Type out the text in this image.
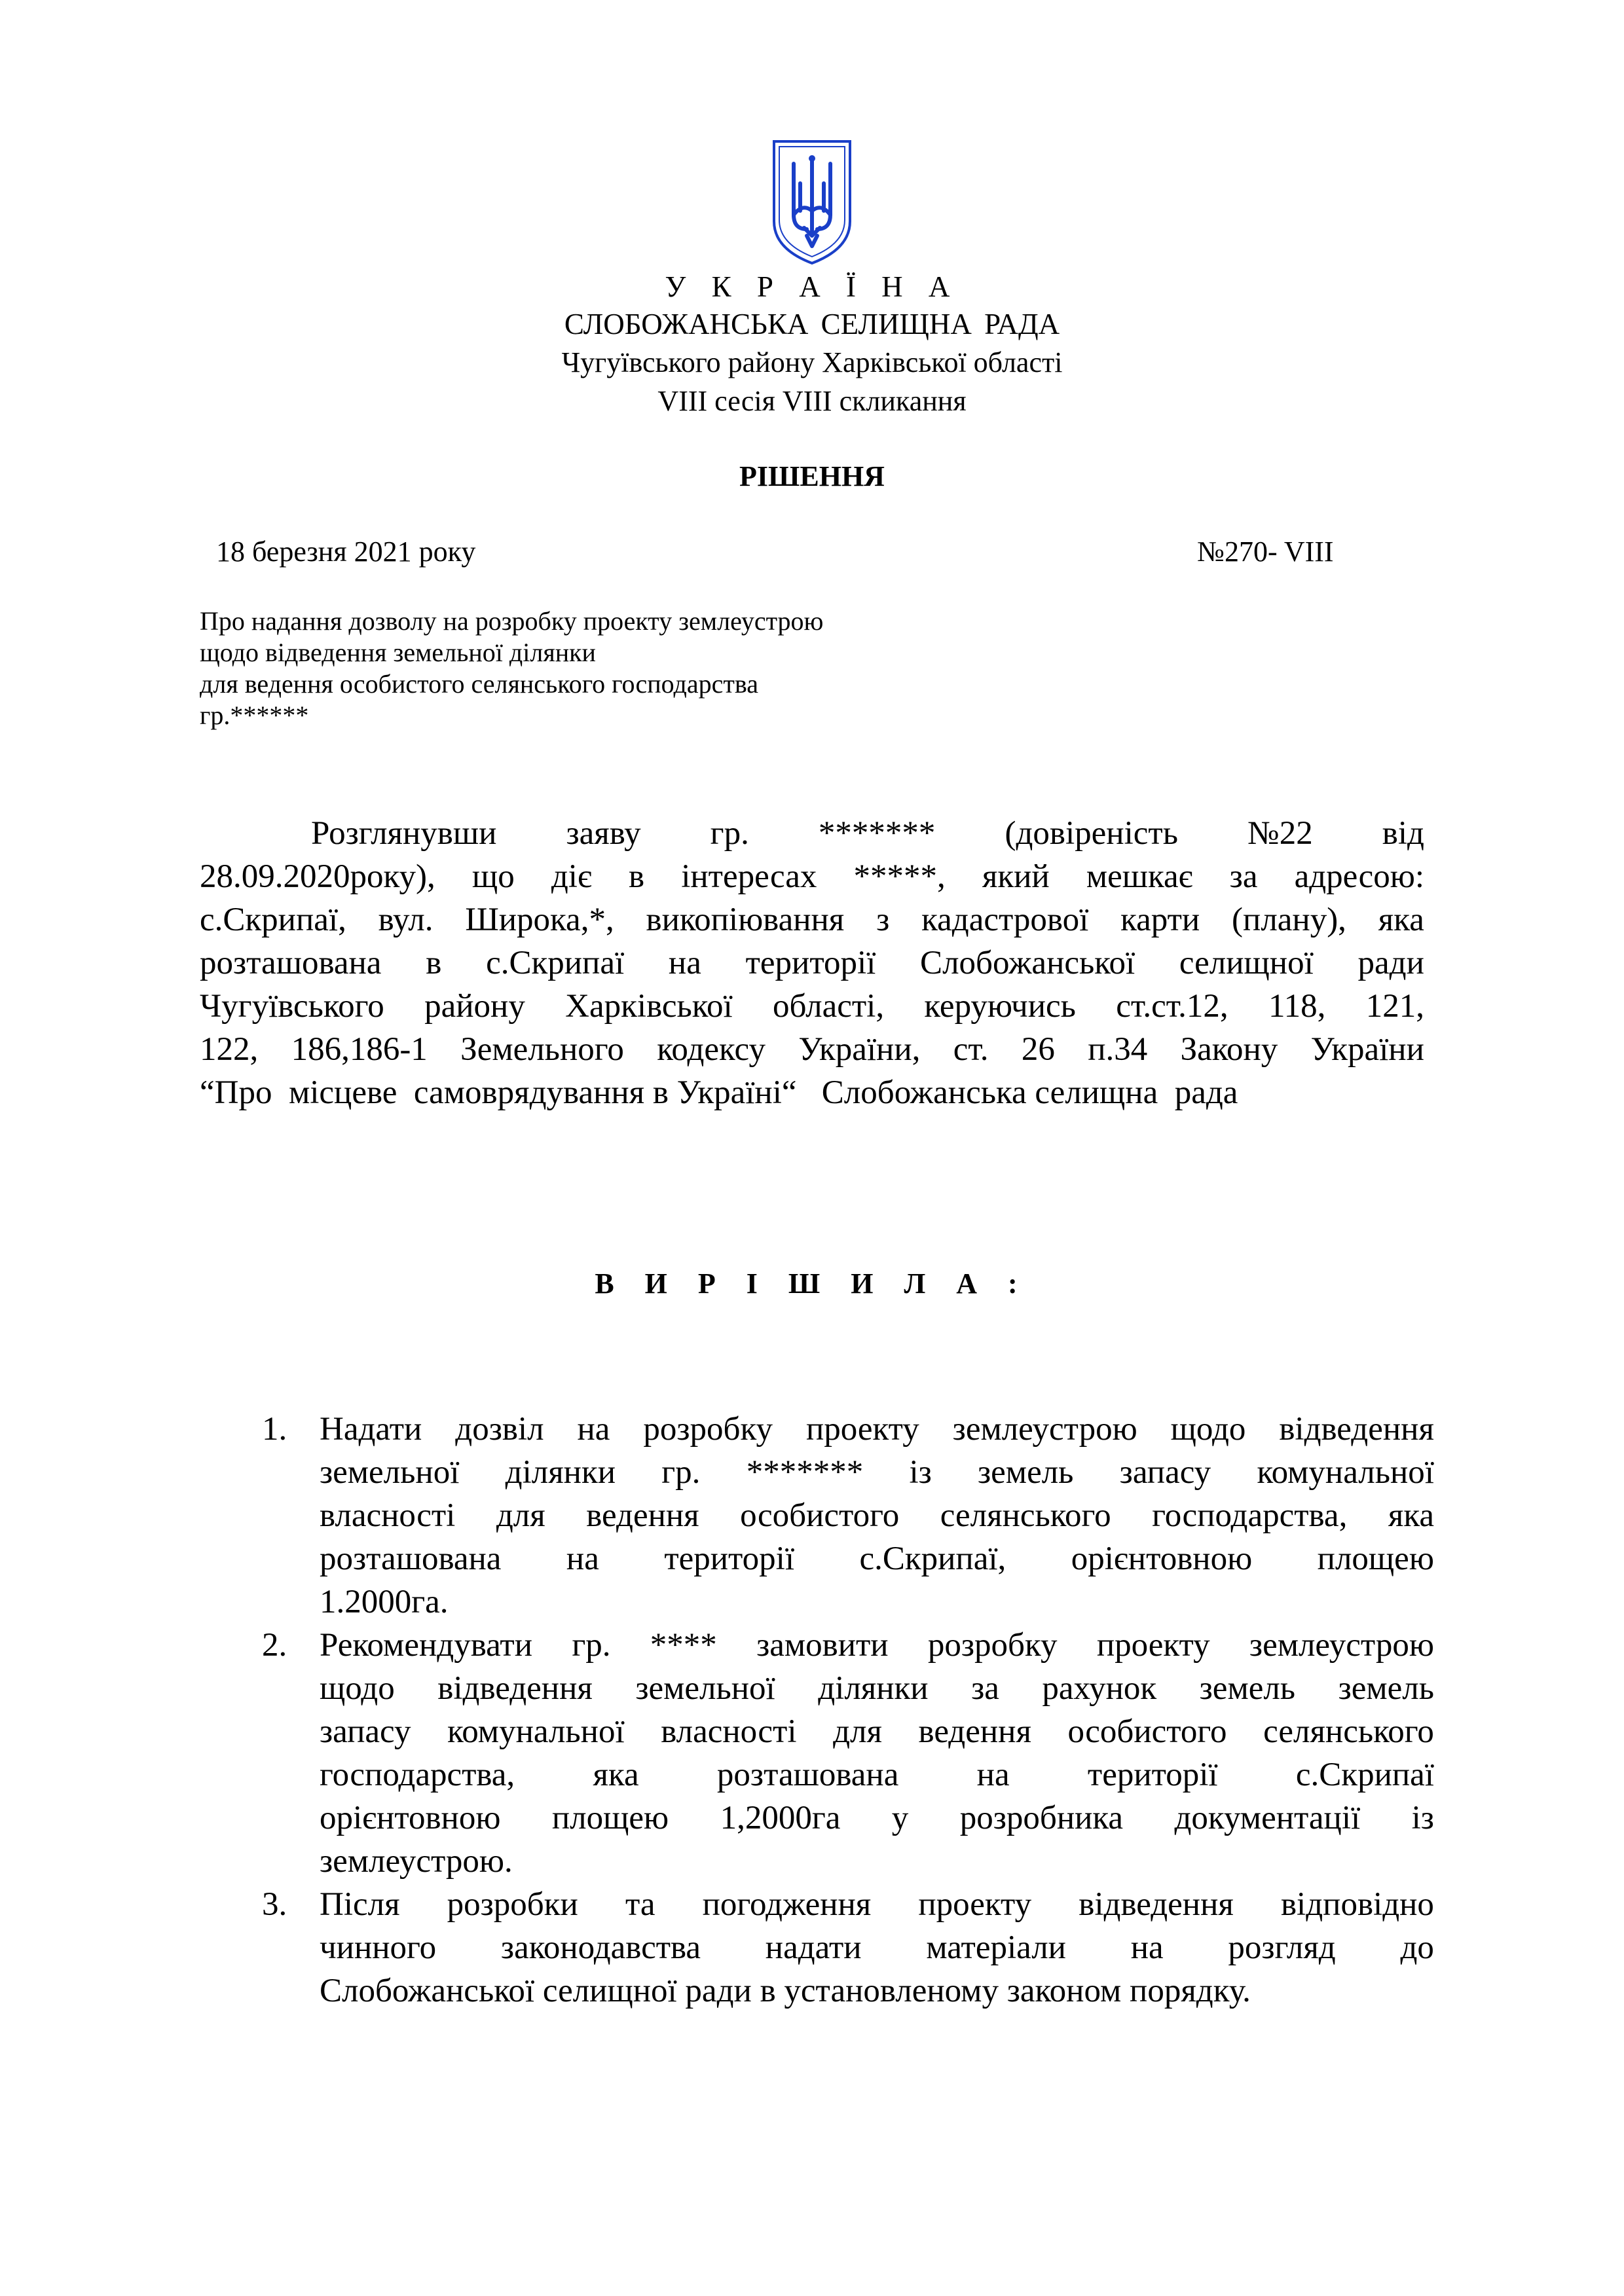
У К Р А Ї Н А
СЛОБОЖАНСЬКА СЕЛИЩНА РАДА
Чугуївського району Харківської області
VIII сесія VIII скликання
РІШЕННЯ
18 березня 2021 року	№270- VIII
Про надання дозволу на розробку проекту землеустрою
щодо відведення земельної ділянки
для ведення особистого селянського господарства
гр.******
Розглянувши заяву гр. ******* (довіреність №22 від
28.09.2020року), що діє в інтересах *****, який мешкає за адресою:
с.Скрипаї, вул. Широка,*, викопіювання з кадастрової карти (плану), яка
розташована в с.Скрипаї на території Слобожанської селищної ради
Чугуївського району Харківської області, керуючись ст.ст.12, 118, 121,
122, 186,186-1 Земельного кодексу України, ст. 26 п.34 Закону України
“Про  місцеве  самоврядування в Україні“   Слобожанська селищна  рада
В И Р І Ш И Л А :
1. Надати дозвіл на розробку проекту землеустрою щодо відведення
земельної ділянки гр. ******* із земель запасу комунальної
власності для ведення особистого селянського господарства, яка
розташована на території с.Скрипаї, орієнтовною площею
1.2000га.
2. Рекомендувати гр. **** замовити розробку проекту землеустрою
щодо відведення земельної ділянки за рахунок земель земель
запасу комунальної власності для ведення особистого селянського
господарства, яка розташована на території с.Скрипаї
орієнтовною площею 1,2000га у розробника документації із
землеустрою.
3. Після розробки та погодження проекту відведення відповідно
чинного законодавства надати матеріали на розгляд до
Слобожанської селищної ради в установленому законом порядку.
